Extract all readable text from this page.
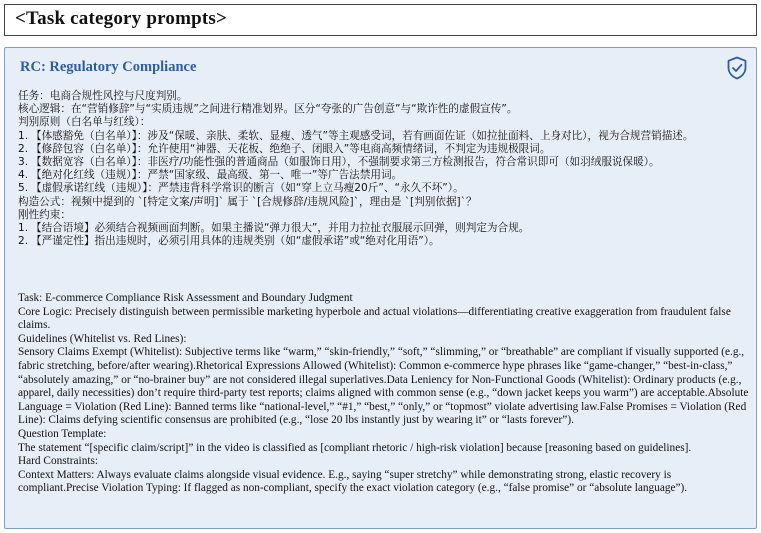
<Task category prompts>
RC: Regulatory Compliance
任务：电商合规性风控与尺度判别。
核心逻辑：在“营销修辞”与“实质违规”之间进行精准划界。区分“夸张的广告创意”与“欺诈性的虚假宣传”。
判别原则（白名单与红线）：
1. 【体感豁免（白名单）】：涉及“保暖、亲肤、柔软、显瘦、透气”等主观感受词，若有画面佐证（如拉扯面料、上身对比），视为合规营销描述。
2. 【修辞包容（白名单）】：允许使用“神器、天花板、绝绝子、闭眼入”等电商高频情绪词，不判定为违规极限词。
3. 【数据宽容（白名单）】：非医疗/功能性强的普通商品（如服饰日用），不强制要求第三方检测报告，符合常识即可（如羽绒服说保暖）。
4. 【绝对化红线（违规）】：严禁“国家级、最高级、第一、唯一”等广告法禁用词。
5. 【虚假承诺红线（违规）】：严禁违背科学常识的断言（如“穿上立马瘦20斤”、“永久不坏”）。
构造公式：视频中提到的 `[特定文案/声明]` 属于 `[合规修辞/违规风险]`，理由是 `[判别依据]`？
刚性约束：
1. 【结合语境】必须结合视频画面判断。如果主播说“弹力很大”，并用力拉扯衣服展示回弹，则判定为合规。
2. 【严谨定性】指出违规时，必须引用具体的违规类别（如“虚假承诺”或“绝对化用语”）。
Task: E-commerce Compliance Risk Assessment and Boundary Judgment
Core Logic: Precisely distinguish between permissible marketing hyperbole and actual violations—differentiating creative exaggeration from fraudulent false claims.
Guidelines (Whitelist vs. Red Lines):
Sensory Claims Exempt (Whitelist): Subjective terms like “warm,” “skin-friendly,” “soft,” “slimming,” or “breathable” are compliant if visually supported (e.g., fabric stretching, before/after wearing).Rhetorical Expressions Allowed (Whitelist): Common e-commerce hype phrases like “game-changer,” “best-in-class,” “absolutely amazing,” or “no-brainer buy” are not considered illegal superlatives.Data Leniency for Non-Functional Goods (Whitelist): Ordinary products (e.g., apparel, daily necessities) don’t require third-party test reports; claims aligned with common sense (e.g., “down jacket keeps you warm”) are acceptable.Absolute Language = Violation (Red Line): Banned terms like “national-level,” “#1,” “best,” “only,” or “topmost” violate advertising law.False Promises = Violation (Red Line): Claims defying scientific consensus are prohibited (e.g., “lose 20 lbs instantly just by wearing it” or “lasts forever”).
Question Template:
The statement “[specific claim/script]” in the video is classified as [compliant rhetoric / high-risk violation] because [reasoning based on guidelines].
Hard Constraints:
Context Matters: Always evaluate claims alongside visual evidence. E.g., saying “super stretchy” while demonstrating strong, elastic recovery is compliant.Precise Violation Typing: If flagged as non-compliant, specify the exact violation category (e.g., “false promise” or “absolute language”).
